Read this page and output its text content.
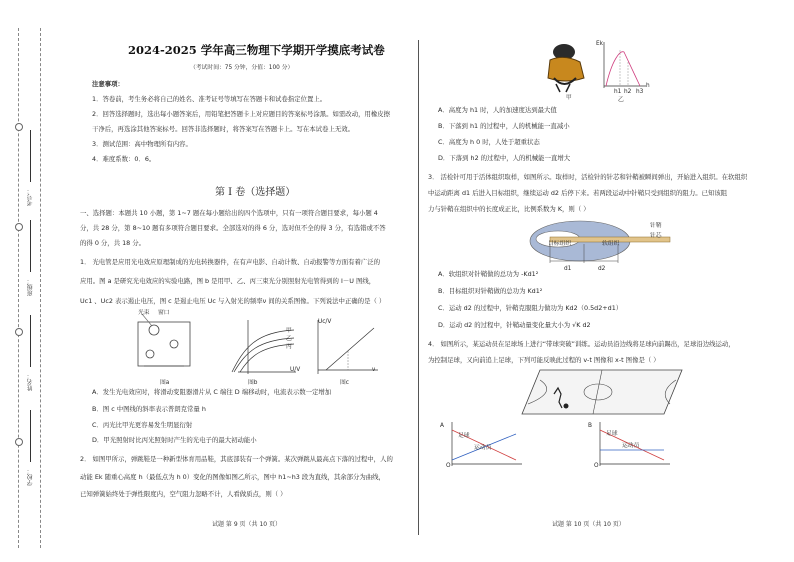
学校：
姓名：
班级：
考号：
2024-2025 学年高三物理下学期开学摸底考试卷
（考试时间：75 分钟，分值：100 分）
注意事项：
1．答卷前，考生务必将自己的姓名、准考证号等填写在答题卡和试卷指定位置上。
2．回答选择题时，选出每小题答案后，用铅笔把答题卡上对应题目的答案标号涂黑。如需改动，用橡皮擦
干净后，再选涂其他答案标号。回答非选择题时，将答案写在答题卡上。写在本试卷上无效。
3．测试范围：高中物理所有内容。
4．难度系数：0．6。
第 Ⅰ 卷（选择题）
一、选择题：本题共 10 小题，第 1~7 题在每小题给出的四个选项中，只有一项符合题目要求，每小题 4
分，共 28 分，第 8~10 题有多项符合题目要求。全部选对的得 6 分，选对但不全的得 3 分，有选错或不答
的得 0 分，共 18 分。
1． 光电管是应用光电效应原理制成的光电转换器件，在有声电影、自动计数、自动报警等方面有着广泛的
应用。图 a 是研究光电效应的实验电路，图 b 是用甲、乙、丙三束光分别照射光电管得到的 I－U 图线，
Uc1 、Uc2 表示遏止电压，图 c 是遏止电压 Uc 与入射光的频率ν 间的关系图像。下列说法中正确的是（ ）
光束 窗口
图a
甲
乙
丙
U/V
图b
Uc/V
ν
图c
A．发生光电效应时，将滑动变阻器滑片从 C 端往 D 端移动时，电流表示数一定增加
B．图 c 中图线的斜率表示普朗克常量 h
C．丙光比甲光更容易发生明显衍射
D．甲光照射时比丙光照射时产生的光电子的最大初动能小
2． 如图甲所示，弹跳鞋是一种新型体育用品鞋，其底部装有一个弹簧。某次弹跳从最高点下落的过程中，人的
动能 Ek 随重心高度 h（最低点为 h 0）变化的图像如图乙所示，图中 h1~h3 段为直线，其余部分为曲线，
已知弹簧始终处于弹性限度内，空气阻力忽略不计，人看做质点，则（ ）
试题 第 9 页（共 10 页）
甲
Ek
h
h1 h2 h3
乙
A．高度为 h1 时，人的加速度达到最大值
B．下落到 h1 的过程中，人的机械能一直减小
C．高度为 h 0 时，人处于超重状态
D．下落到 h2 的过程中，人的机械能一直增大
3． 活检针可用于活体组织取样，如图所示。取样时，活检针的针芯和针鞘被瞬间弹出，开始进入组织。在软组织
中运动距离 d1 后进入目标组织，继续运动 d2 后停下来。若两段运动中针鞘只受到组织的阻力。已知该阻
力与针鞘在组织中的长度成正比，比例系数为 K，则（ ）
目标组织	软组织
针鞘
针芯
d1	d2
A．软组织对针鞘做的总功为 -Kd1²
B．目标组织对针鞘做的总功为 Kd1²
C．运动 d2 的过程中，针鞘克服阻力做功为 Kd2（0.5d2+d1）
D．运动 d2 的过程中，针鞘动量变化量大小为 √K d2
4． 如图所示，某运动员在足球场上进行“带球突破”训练。运动员沿边线将足球向前踢出，足球沿边线运动，
为控制足球，又向前追上足球，下列可能反映此过程的 v-t 图像和 x-t 图像是（ ）
A
足球
运动员
O
B
足球
运动员
O
试题 第 10 页（共 10 页）
